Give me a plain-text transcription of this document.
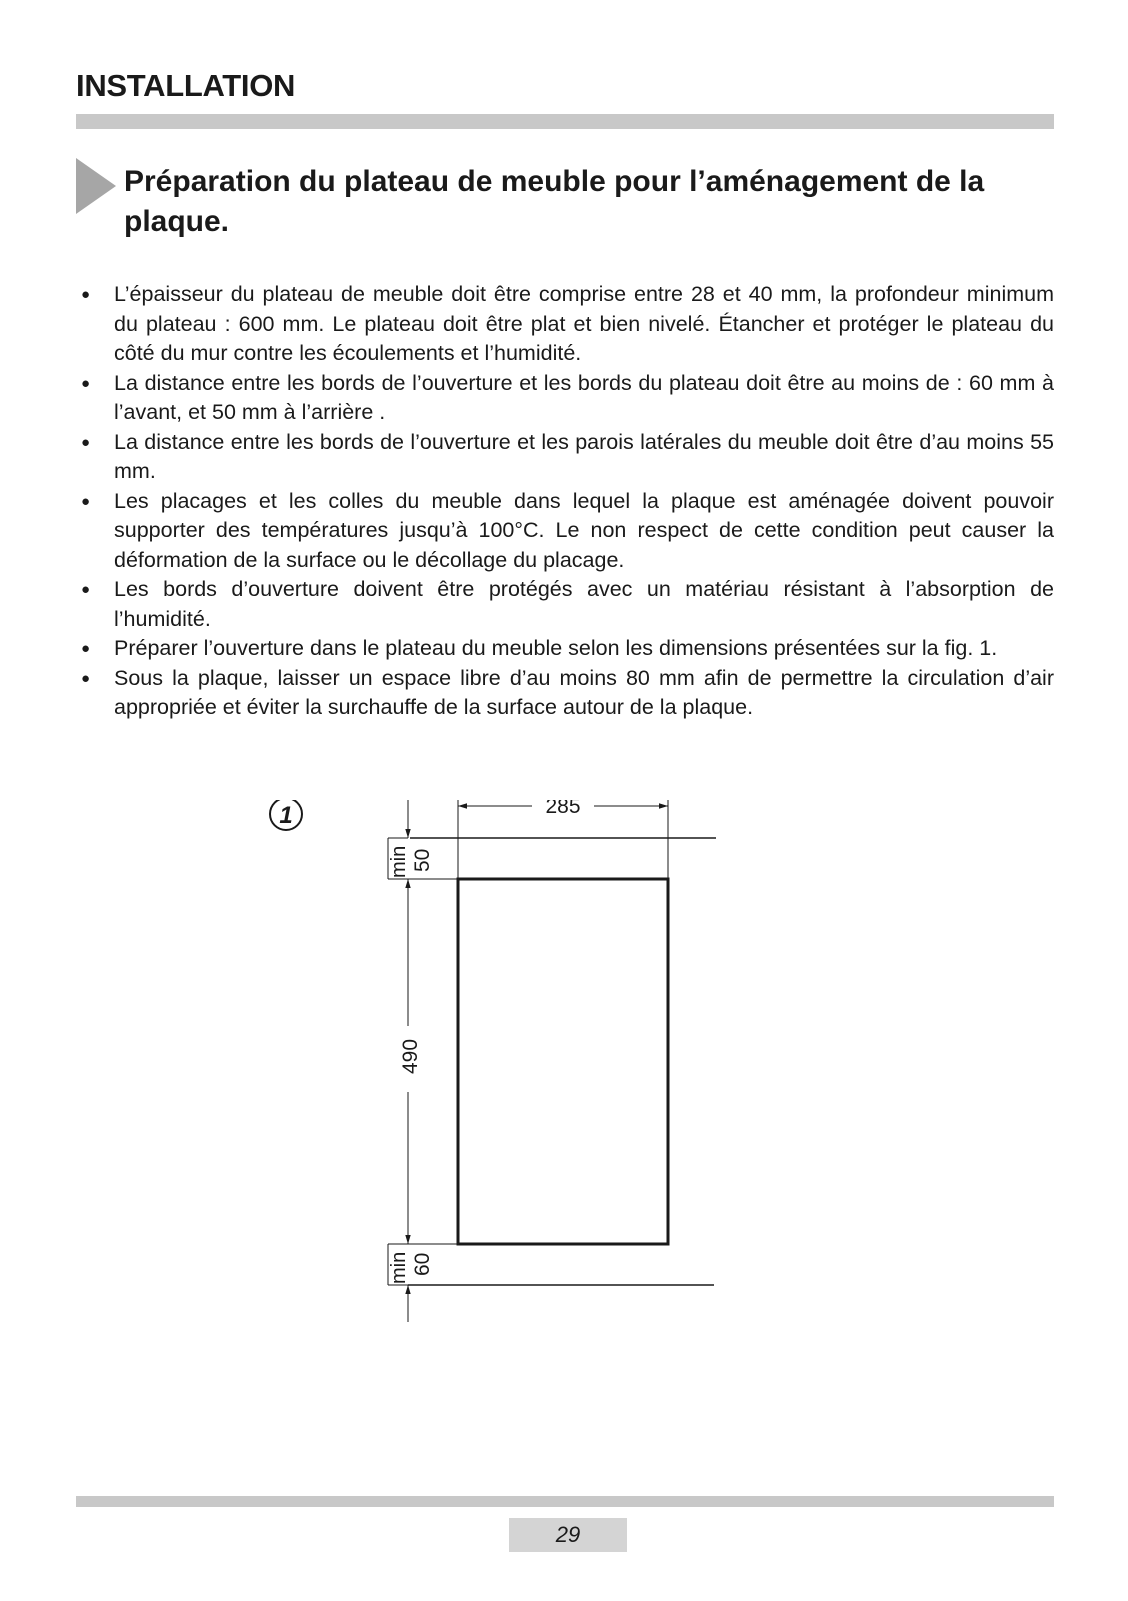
INSTALLATION
Préparation du plateau de meuble pour l’aménagement de la plaque.
● L’épaisseur du plateau de meuble doit être comprise entre 28 et 40 mm, la profondeur minimum du plateau : 600 mm. Le plateau doit être plat et bien nivelé. Étancher et protéger le plateau du côté du mur contre les écoulements et l’humidité.
● La distance entre les bords de l’ouverture et les bords du plateau doit être au moins de : 60 mm à l’avant, et 50 mm à l’arrière .
● La distance entre les bords de l’ouverture et les parois latérales du meuble doit être d’au moins 55 mm.
● Les placages et les colles du meuble dans lequel la plaque est aménagée doivent pouvoir supporter des températures jusqu’à 100°C. Le non respect de cette condition peut causer la déformation de la surface ou le décollage du placage.
● Les bords d’ouverture doivent être protégés avec un matériau résistant à l’absorption de l’humidité.
● Préparer l’ouverture dans le plateau du meuble selon les dimensions présentées sur la fig. 1.
● Sous la plaque, laisser un espace libre d’au moins 80 mm afin de permettre la circulation d’air appropriée et éviter la surchauffe de la surface autour de la plaque.
1	285
min 50
490
min 60
29
